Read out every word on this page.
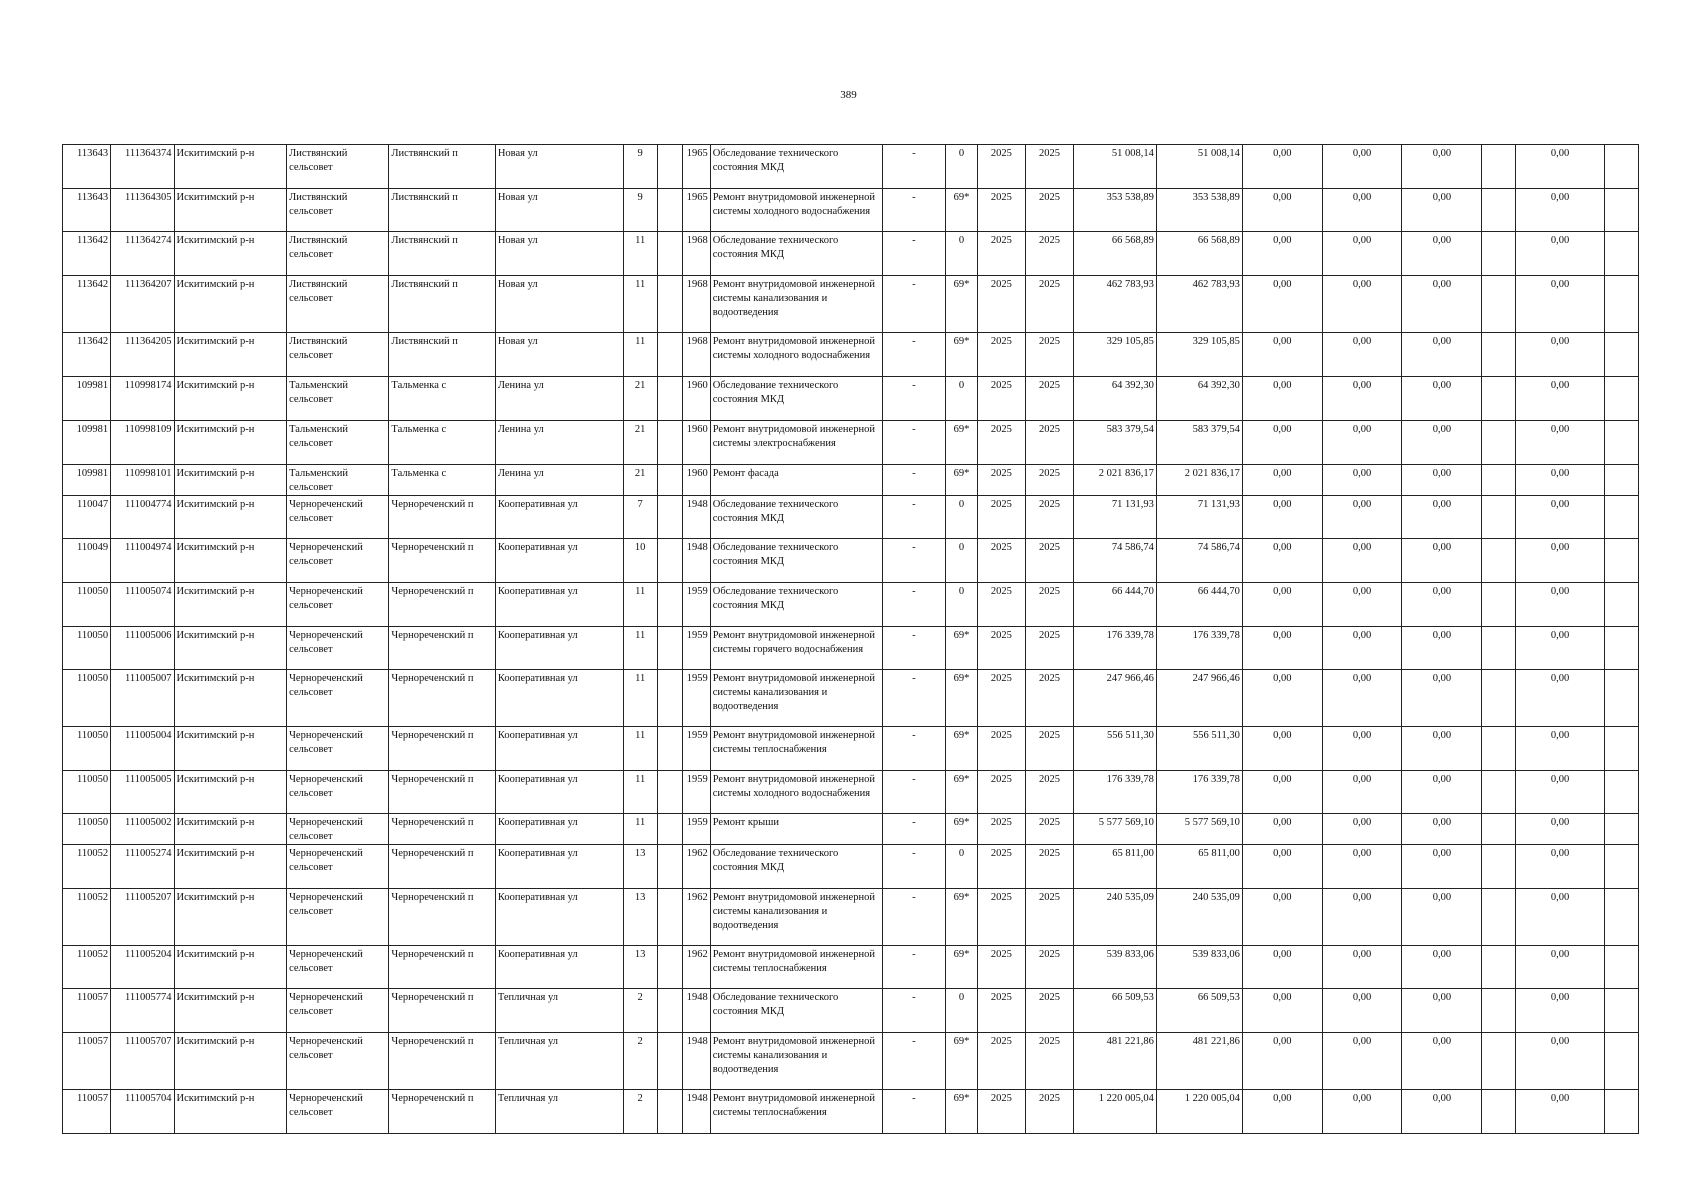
389
113643	111364374	Искитимский р-н	Листвянский сельсовет	Листвянский п	Новая ул	9		1965	Обследование технического состояния МКД	-	0	2025	2025	51 008,14	51 008,14	0,00	0,00	0,00		0,00	
113643	111364305	Искитимский р-н	Листвянский сельсовет	Листвянский п	Новая ул	9		1965	Ремонт внутридомовой инженерной системы холодного водоснабжения	-	69*	2025	2025	353 538,89	353 538,89	0,00	0,00	0,00		0,00	
113642	111364274	Искитимский р-н	Листвянский сельсовет	Листвянский п	Новая ул	11		1968	Обследование технического состояния МКД	-	0	2025	2025	66 568,89	66 568,89	0,00	0,00	0,00		0,00	
113642	111364207	Искитимский р-н	Листвянский сельсовет	Листвянский п	Новая ул	11		1968	Ремонт внутридомовой инженерной системы канализования и водоотведения	-	69*	2025	2025	462 783,93	462 783,93	0,00	0,00	0,00		0,00	
113642	111364205	Искитимский р-н	Листвянский сельсовет	Листвянский п	Новая ул	11		1968	Ремонт внутридомовой инженерной системы холодного водоснабжения	-	69*	2025	2025	329 105,85	329 105,85	0,00	0,00	0,00		0,00	
109981	110998174	Искитимский р-н	Тальменский сельсовет	Тальменка с	Ленина ул	21		1960	Обследование технического состояния МКД	-	0	2025	2025	64 392,30	64 392,30	0,00	0,00	0,00		0,00	
109981	110998109	Искитимский р-н	Тальменский сельсовет	Тальменка с	Ленина ул	21		1960	Ремонт внутридомовой инженерной системы электроснабжения	-	69*	2025	2025	583 379,54	583 379,54	0,00	0,00	0,00		0,00	
109981	110998101	Искитимский р-н	Тальменский сельсовет	Тальменка с	Ленина ул	21		1960	Ремонт фасада	-	69*	2025	2025	2 021 836,17	2 021 836,17	0,00	0,00	0,00		0,00	
110047	111004774	Искитимский р-н	Чернореченский сельсовет	Чернореченский п	Кооперативная ул	7		1948	Обследование технического состояния МКД	-	0	2025	2025	71 131,93	71 131,93	0,00	0,00	0,00		0,00	
110049	111004974	Искитимский р-н	Чернореченский сельсовет	Чернореченский п	Кооперативная ул	10		1948	Обследование технического состояния МКД	-	0	2025	2025	74 586,74	74 586,74	0,00	0,00	0,00		0,00	
110050	111005074	Искитимский р-н	Чернореченский сельсовет	Чернореченский п	Кооперативная ул	11		1959	Обследование технического состояния МКД	-	0	2025	2025	66 444,70	66 444,70	0,00	0,00	0,00		0,00	
110050	111005006	Искитимский р-н	Чернореченский сельсовет	Чернореченский п	Кооперативная ул	11		1959	Ремонт внутридомовой инженерной системы горячего водоснабжения	-	69*	2025	2025	176 339,78	176 339,78	0,00	0,00	0,00		0,00	
110050	111005007	Искитимский р-н	Чернореченский сельсовет	Чернореченский п	Кооперативная ул	11		1959	Ремонт внутридомовой инженерной системы канализования и водоотведения	-	69*	2025	2025	247 966,46	247 966,46	0,00	0,00	0,00		0,00	
110050	111005004	Искитимский р-н	Чернореченский сельсовет	Чернореченский п	Кооперативная ул	11		1959	Ремонт внутридомовой инженерной системы теплоснабжения	-	69*	2025	2025	556 511,30	556 511,30	0,00	0,00	0,00		0,00	
110050	111005005	Искитимский р-н	Чернореченский сельсовет	Чернореченский п	Кооперативная ул	11		1959	Ремонт внутридомовой инженерной системы холодного водоснабжения	-	69*	2025	2025	176 339,78	176 339,78	0,00	0,00	0,00		0,00	
110050	111005002	Искитимский р-н	Чернореченский сельсовет	Чернореченский п	Кооперативная ул	11		1959	Ремонт крыши	-	69*	2025	2025	5 577 569,10	5 577 569,10	0,00	0,00	0,00		0,00	
110052	111005274	Искитимский р-н	Чернореченский сельсовет	Чернореченский п	Кооперативная ул	13		1962	Обследование технического состояния МКД	-	0	2025	2025	65 811,00	65 811,00	0,00	0,00	0,00		0,00	
110052	111005207	Искитимский р-н	Чернореченский сельсовет	Чернореченский п	Кооперативная ул	13		1962	Ремонт внутридомовой инженерной системы канализования и водоотведения	-	69*	2025	2025	240 535,09	240 535,09	0,00	0,00	0,00		0,00	
110052	111005204	Искитимский р-н	Чернореченский сельсовет	Чернореченский п	Кооперативная ул	13		1962	Ремонт внутридомовой инженерной системы теплоснабжения	-	69*	2025	2025	539 833,06	539 833,06	0,00	0,00	0,00		0,00	
110057	111005774	Искитимский р-н	Чернореченский сельсовет	Чернореченский п	Тепличная ул	2		1948	Обследование технического состояния МКД	-	0	2025	2025	66 509,53	66 509,53	0,00	0,00	0,00		0,00	
110057	111005707	Искитимский р-н	Чернореченский сельсовет	Чернореченский п	Тепличная ул	2		1948	Ремонт внутридомовой инженерной системы канализования и водоотведения	-	69*	2025	2025	481 221,86	481 221,86	0,00	0,00	0,00		0,00	
110057	111005704	Искитимский р-н	Чернореченский сельсовет	Чернореченский п	Тепличная ул	2		1948	Ремонт внутридомовой инженерной системы теплоснабжения	-	69*	2025	2025	1 220 005,04	1 220 005,04	0,00	0,00	0,00		0,00	
